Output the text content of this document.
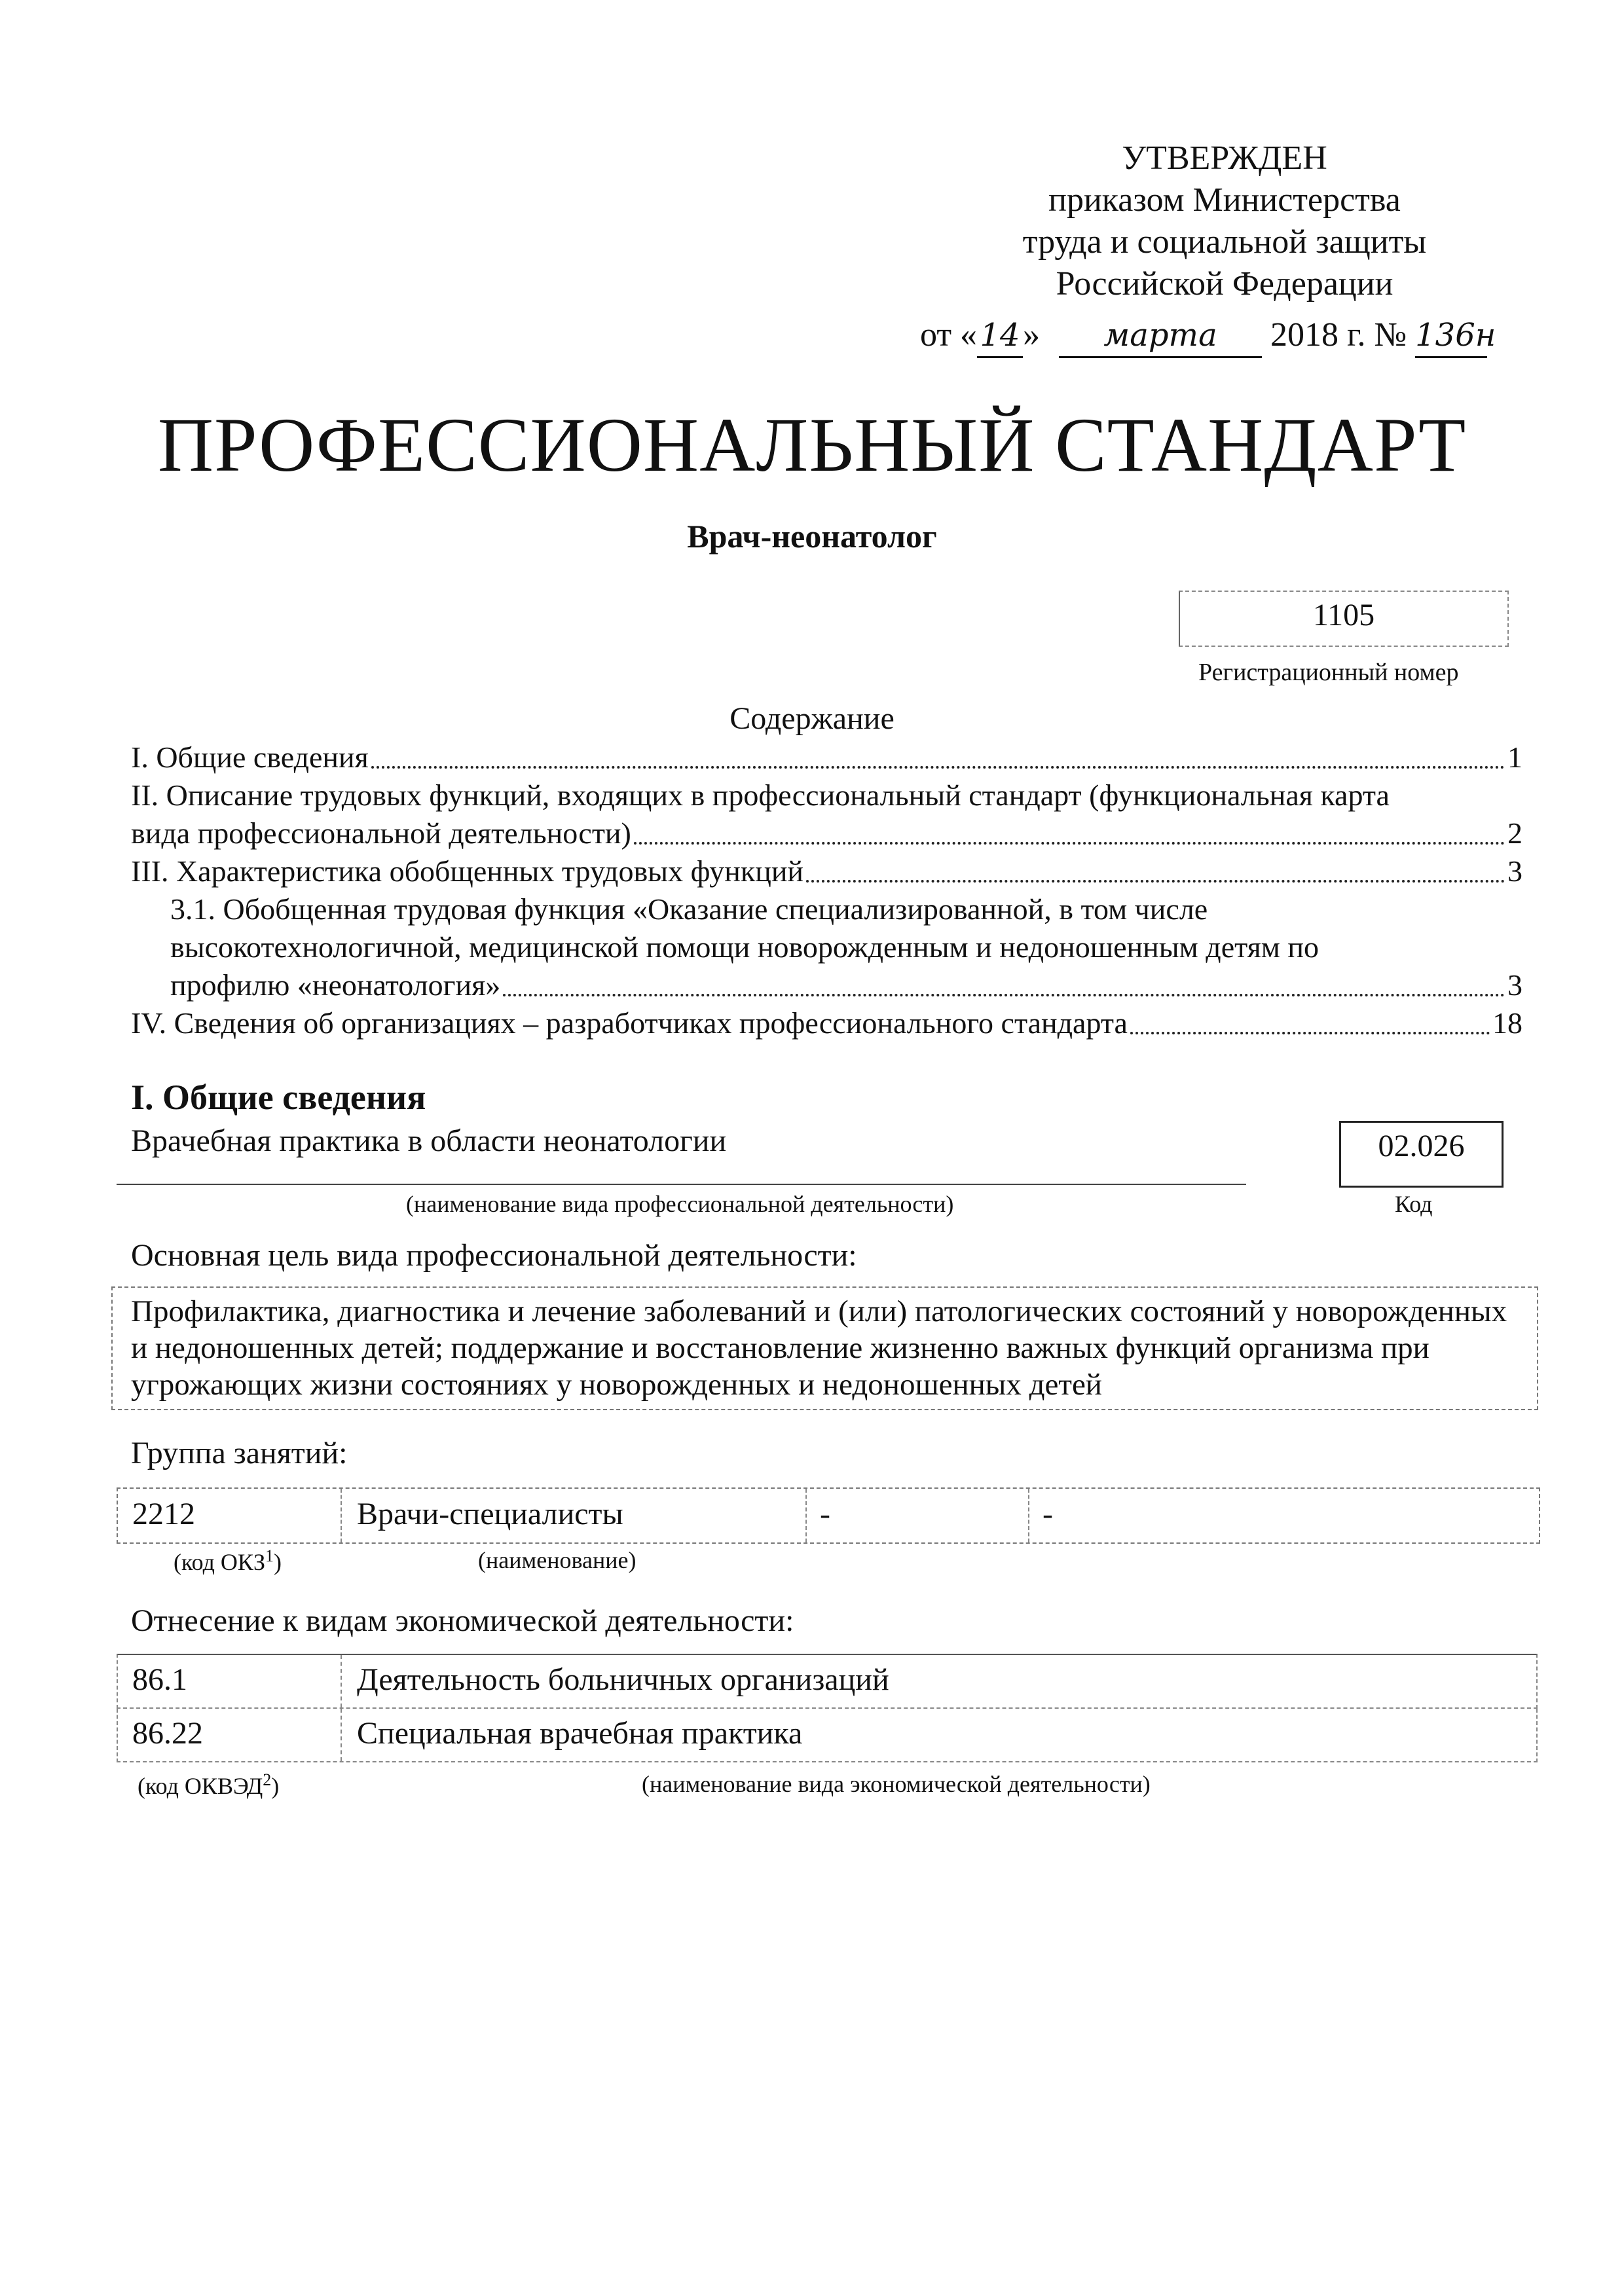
УТВЕРЖДЕН
приказом Министерства
труда и социальной защиты
Российской Федерации
от «14» марта 2018 г. № 136н
ПРОФЕССИОНАЛЬНЫЙ СТАНДАРТ
Врач-неонатолог
1105
Регистрационный номер
Содержание
I. Общие сведения	1
II. Описание трудовых функций, входящих в профессиональный стандарт (функциональная карта
вида профессиональной деятельности)	2
III. Характеристика обобщенных трудовых функций	3
3.1. Обобщенная трудовая функция «Оказание специализированной, в том числе
высокотехнологичной, медицинской помощи новорожденным и недоношенным детям по
профилю «неонатология»	3
IV. Сведения об организациях – разработчиках профессионального стандарта	18
I. Общие сведения
Врачебная практика в области неонатологии	02.026
(наименование вида профессиональной деятельности)	Код
Основная цель вида профессиональной деятельности:
Профилактика, диагностика и лечение заболеваний и (или) патологических состояний у новорожденных и недоношенных детей; поддержание и восстановление жизненно важных функций организма при угрожающих жизни состояниях у новорожденных и недоношенных детей
Группа занятий:
2212	Врачи-специалисты	-	-
(код ОКЗ$^1$)	(наименование)
Отнесение к видам экономической деятельности:
86.1	Деятельность больничных организаций
86.22	Специальная врачебная практика
(код ОКВЭД$^2$)	(наименование вида экономической деятельности)
